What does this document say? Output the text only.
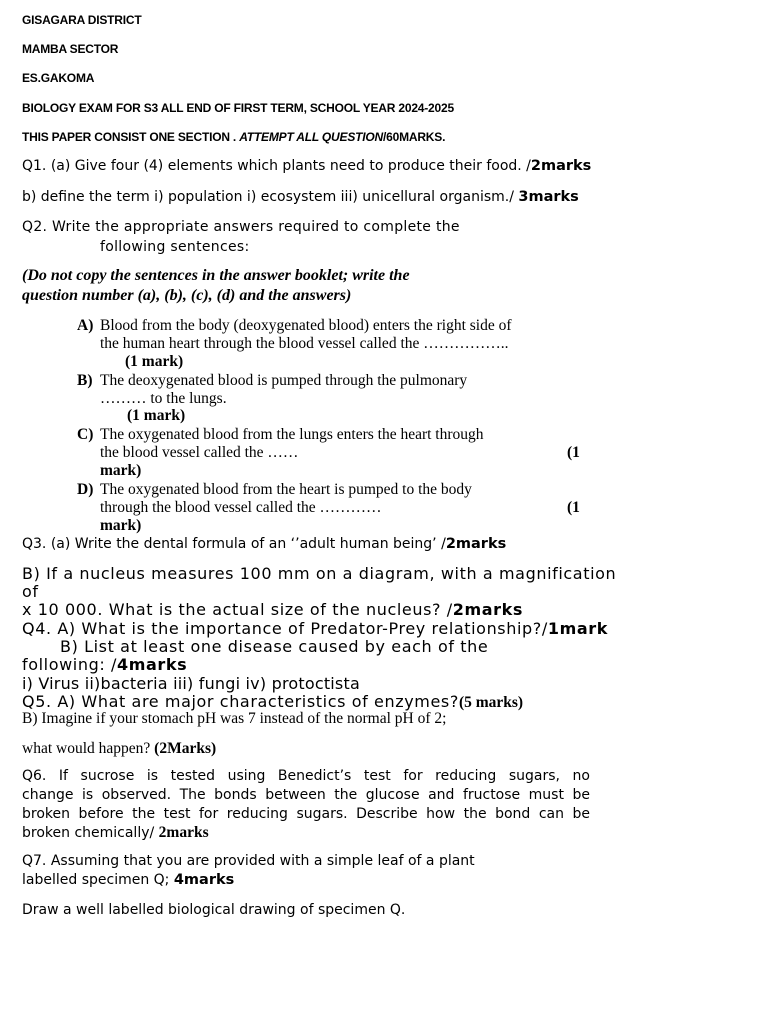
GISAGARA DISTRICT
MAMBA SECTOR
ES.GAKOMA
BIOLOGY EXAM FOR S3 ALL END OF FIRST TERM, SCHOOL YEAR 2024-2025
THIS PAPER CONSIST ONE SECTION . ATTEMPT ALL QUESTION/60MARKS.
Q1. (a) Give four (4) elements which plants need to produce their food. /2marks
b) define the term i) population i) ecosystem iii) unicellural organism./ 3marks
Q2. Write the appropriate answers required to complete the
following sentences:
(Do not copy the sentences in the answer booklet; write the
question number (a), (b), (c), (d) and the answers)
A) Blood from the body (deoxygenated blood) enters the right side of
the human heart through the blood vessel called the ……………..
(1 mark)
B) The deoxygenated blood is pumped through the pulmonary
……… to the lungs.
(1 mark)
C) The oxygenated blood from the lungs enters the heart through
the blood vessel called the ……	(1
mark)
D) The oxygenated blood from the heart is pumped to the body
through the blood vessel called the …………	(1
mark)
Q3. (a) Write the dental formula of an ‘’adult human being’ /2marks
B) If a nucleus measures 100 mm on a diagram, with a magnification
of
x 10 000. What is the actual size of the nucleus? /2marks
Q4. A) What is the importance of Predator-Prey relationship?/1mark
B) List at least one disease caused by each of the
following: /4marks
i) Virus ii)bacteria iii) fungi iv) protoctista
Q5. A) What are major characteristics of enzymes?(5 marks)
B) Imagine if your stomach pH was 7 instead of the normal pH of 2;
what would happen? (2Marks)
Q6. If sucrose is tested using Benedict’s test for reducing sugars, no
change is observed. The bonds between the glucose and fructose must be
broken before the test for reducing sugars. Describe how the bond can be
broken chemically/ 2marks
Q7. Assuming that you are provided with a simple leaf of a plant
labelled specimen Q; 4marks
Draw a well labelled biological drawing of specimen Q.
